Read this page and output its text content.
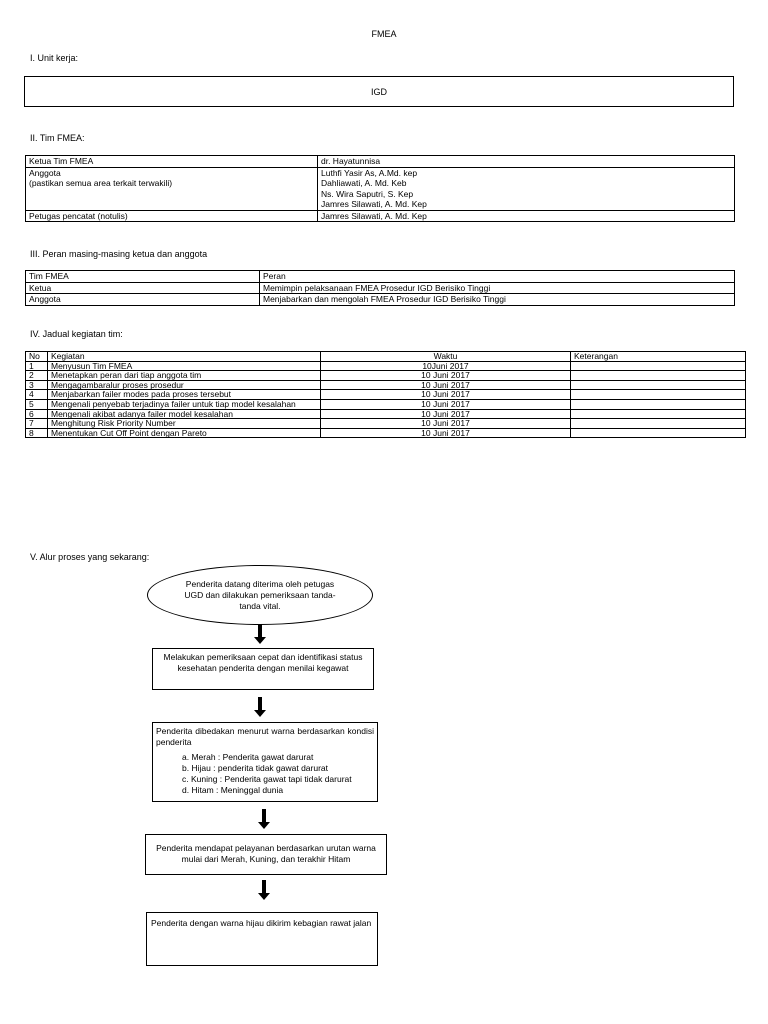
FMEA
I. Unit kerja:
IGD
II. Tim FMEA:
Ketua Tim FMEA	dr. Hayatunnisa
Anggota
(pastikan semua area terkait terwakili)	Luthfi Yasir As, A.Md. kep
Dahliawati, A. Md. Keb
Ns. Wira Saputri, S. Kep
Jamres Silawati, A. Md. Kep
Petugas pencatat (notulis)	Jamres Silawati, A. Md. Kep
III. Peran masing-masing ketua dan anggota
Tim FMEA	Peran
Ketua	Memimpin pelaksanaan FMEA Prosedur IGD Berisiko Tinggi
Anggota	Menjabarkan dan mengolah FMEA Prosedur IGD Berisiko Tinggi
IV. Jadual kegiatan tim:
No	Kegiatan	Waktu	Keterangan
1	Menyusun Tim FMEA	10Juni 2017	
2	Menetapkan peran dari tiap anggota tim	10 Juni 2017	
3	Mengagambaralur proses prosedur	10 Juni 2017	
4	Menjabarkan failer modes pada proses tersebut	10 Juni 2017	
5	Mengenali penyebab terjadinya failer untuk tiap model kesalahan	10 Juni 2017	
6	Mengenali akibat adanya failer model kesalahan	10 Juni 2017	
7	Menghitung Risk Priority Number	10 Juni 2017	
8	Menentukan Cut Off Point dengan Pareto	10 Juni 2017	
V. Alur proses yang sekarang:
Penderita datang diterima oleh petugas UGD dan dilakukan pemeriksaan tanda-tanda vital.
Melakukan pemeriksaan cepat dan identifikasi status kesehatan penderita dengan menilai kegawat
Penderita dibedakan menurut warna berdasarkan kondisi penderita
a. Merah : Penderita gawat darurat
b. Hijau : penderita tidak gawat darurat
c. Kuning : Penderita gawat tapi tidak darurat
d. Hitam : Meninggal dunia
Penderita mendapat pelayanan berdasarkan urutan warna mulai dari Merah, Kuning, dan terakhir Hitam
Penderita dengan warna hijau dikirim kebagian rawat jalan
